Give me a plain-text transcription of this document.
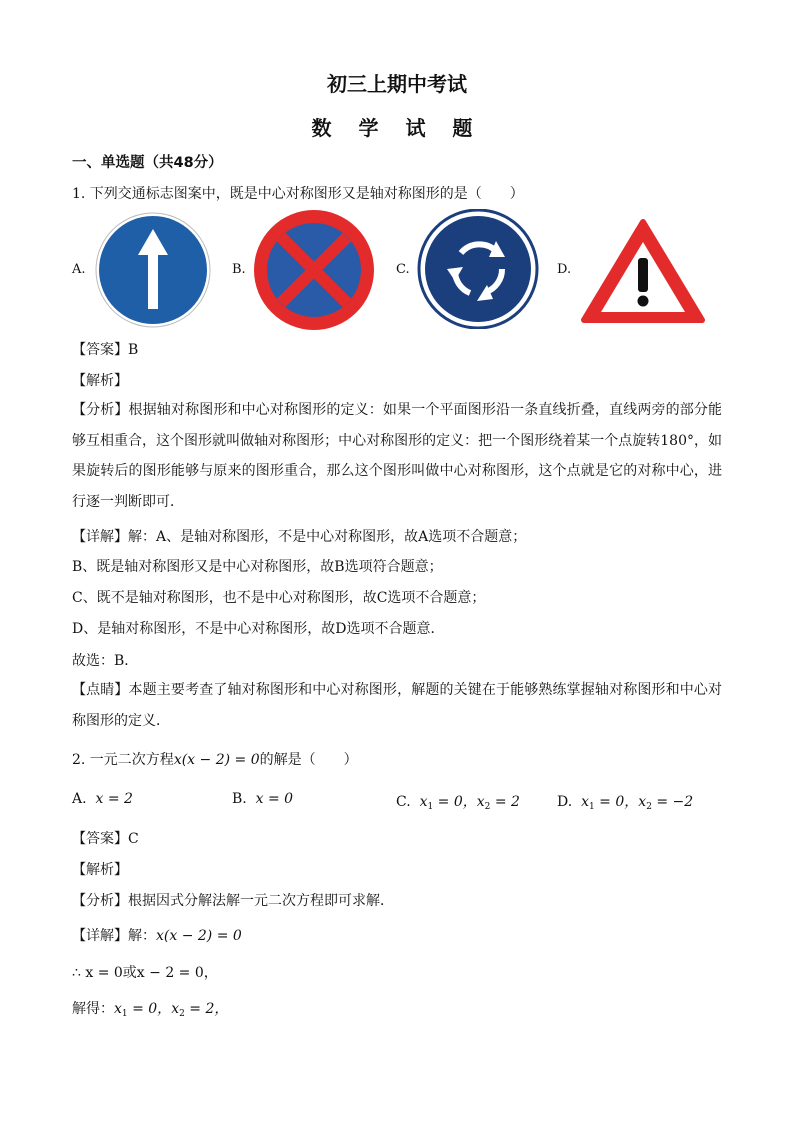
初三上期中考试
数 学 试 题
一、单选题（共48分）
1. 下列交通标志图案中，既是中心对称图形又是轴对称图形的是（　　）
A.	B.	C.	D.
【答案】B
【解析】
【分析】根据轴对称图形和中心对称图形的定义：如果一个平面图形沿一条直线折叠，直线两旁的部分能够互相重合，这个图形就叫做轴对称图形；中心对称图形的定义：把一个图形绕着某一个点旋转180°，如果旋转后的图形能够与原来的图形重合，那么这个图形叫做中心对称图形，这个点就是它的对称中心，进行逐一判断即可．
【详解】解：A、是轴对称图形，不是中心对称图形，故A选项不合题意；
B、既是轴对称图形又是中心对称图形，故B选项符合题意；
C、既不是轴对称图形，也不是中心对称图形，故C选项不合题意；
D、是轴对称图形，不是中心对称图形，故D选项不合题意．
故选：B．
【点睛】本题主要考查了轴对称图形和中心对称图形，解题的关键在于能够熟练掌握轴对称图形和中心对称图形的定义．
2. 一元二次方程x(x − 2) = 0的解是（　　）
A. x = 2	B. x = 0	C. $x_1 = 0$，$x_2 = 2$	D. $x_1 = 0$，$x_2 = -2$
【答案】C
【解析】
【分析】根据因式分解法解一元二次方程即可求解．
【详解】解：x(x − 2) = 0
∴ x = 0或x − 2 = 0，
解得：$x_1 = 0$，$x_2 = 2$，
